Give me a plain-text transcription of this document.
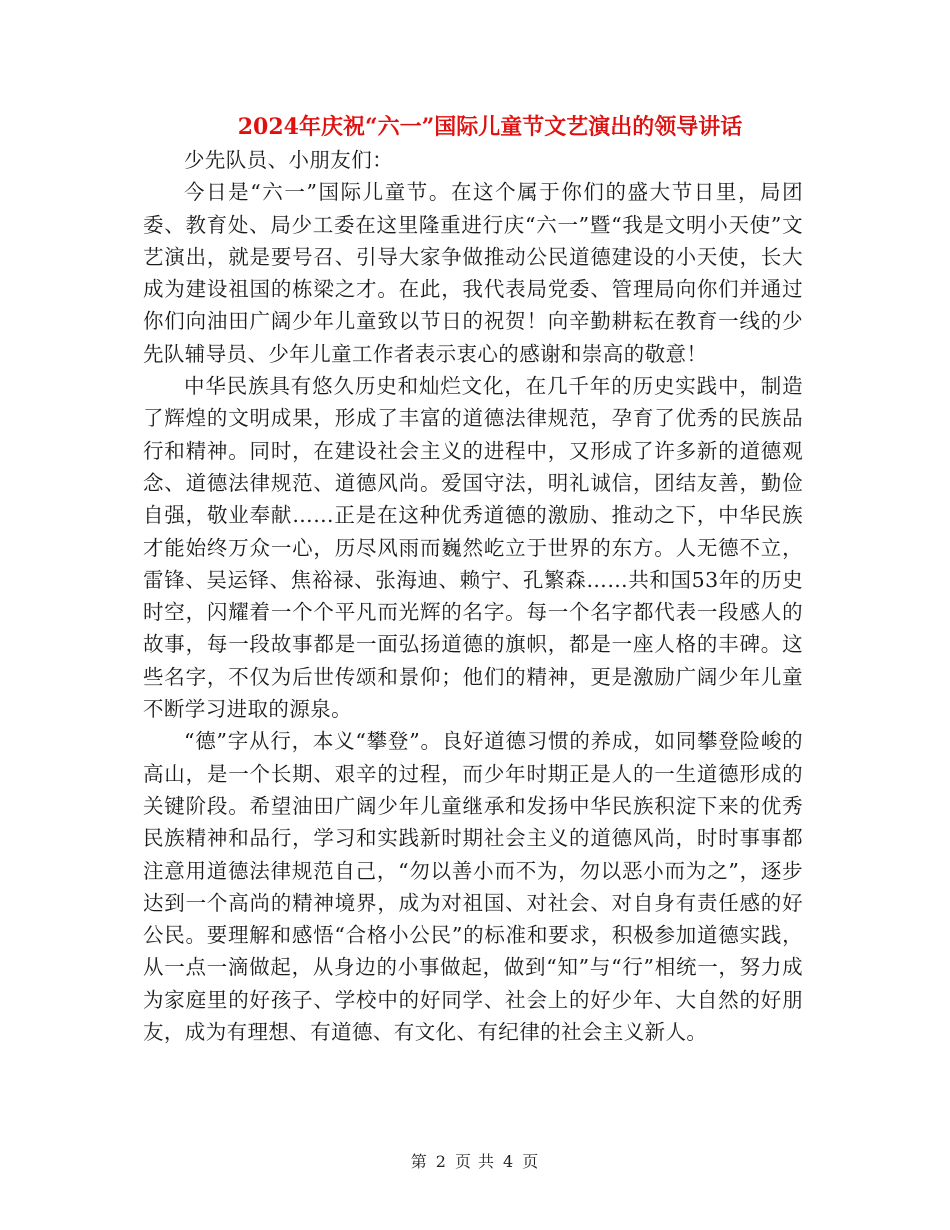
2024年庆祝“六一”国际儿童节文艺演出的领导讲话

少先队员、小朋友们：

今日是“六一”国际儿童节。在这个属于你们的盛大节日里，局团委、教育处、局少工委在这里隆重进行庆“六一”暨“我是文明小天使”文艺演出，就是要号召、引导大家争做推动公民道德建设的小天使，长大成为建设祖国的栋梁之才。在此，我代表局党委、管理局向你们并通过你们向油田广阔少年儿童致以节日的祝贺！向辛勤耕耘在教育一线的少先队辅导员、少年儿童工作者表示衷心的感谢和崇高的敬意！

中华民族具有悠久历史和灿烂文化，在几千年的历史实践中，制造了辉煌的文明成果，形成了丰富的道德法律规范，孕育了优秀的民族品行和精神。同时，在建设社会主义的进程中，又形成了许多新的道德观念、道德法律规范、道德风尚。爱国守法，明礼诚信，团结友善，勤俭自强，敬业奉献……正是在这种优秀道德的激励、推动之下，中华民族才能始终万众一心，历尽风雨而巍然屹立于世界的东方。人无德不立，雷锋、吴运铎、焦裕禄、张海迪、赖宁、孔繁森……共和国53年的历史时空，闪耀着一个个平凡而光辉的名字。每一个名字都代表一段感人的故事，每一段故事都是一面弘扬道德的旗帜，都是一座人格的丰碑。这些名字，不仅为后世传颂和景仰；他们的精神，更是激励广阔少年儿童不断学习进取的源泉。

“德”字从行，本义“攀登”。良好道德习惯的养成，如同攀登险峻的高山，是一个长期、艰辛的过程，而少年时期正是人的一生道德形成的关键阶段。希望油田广阔少年儿童继承和发扬中华民族积淀下来的优秀民族精神和品行，学习和实践新时期社会主义的道德风尚，时时事事都注意用道德法律规范自己，“勿以善小而不为，勿以恶小而为之”，逐步达到一个高尚的精神境界，成为对祖国、对社会、对自身有责任感的好公民。要理解和感悟“合格小公民”的标准和要求，积极参加道德实践，从一点一滴做起，从身边的小事做起，做到“知”与“行”相统一，努力成为家庭里的好孩子、学校中的好同学、社会上的好少年、大自然的好朋友，成为有理想、有道德、有文化、有纪律的社会主义新人。

第 2 页 共 4 页
